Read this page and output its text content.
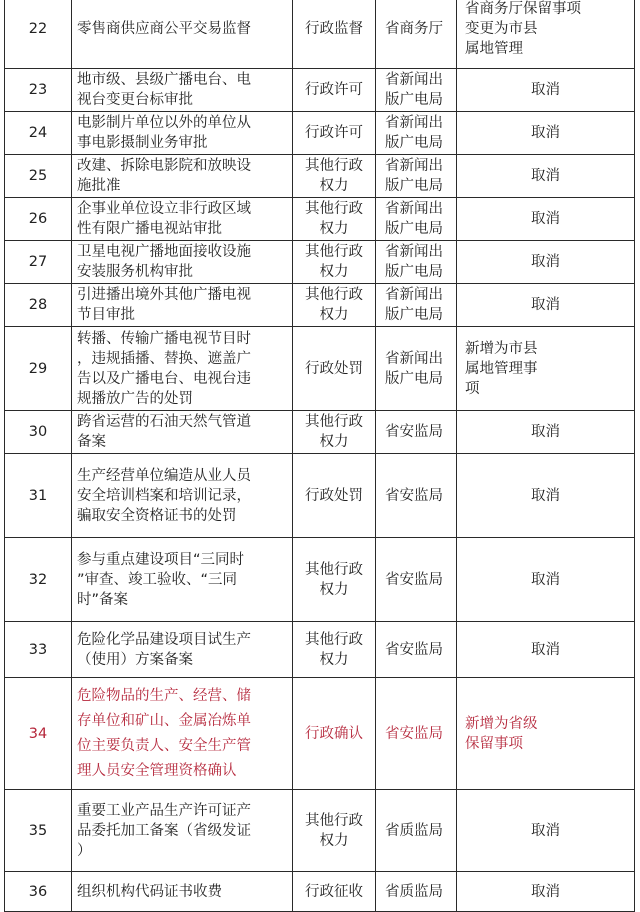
22	零售商供应商公平交易监督	行政监督	省商务厅	省商务厅保留事项
变更为市县
属地管理
23	地市级、县级广播电台、电
视台变更台标审批	行政许可	省新闻出
版广电局	取消
24	电影制片单位以外的单位从
事电影摄制业务审批	行政许可	省新闻出
版广电局	取消
25	改建、拆除电影院和放映设
施批准	其他行政
权力	省新闻出
版广电局	取消
26	企事业单位设立非行政区域
性有限广播电视站审批	其他行政
权力	省新闻出
版广电局	取消
27	卫星电视广播地面接收设施
安装服务机构审批	其他行政
权力	省新闻出
版广电局	取消
28	引进播出境外其他广播电视
节目审批	其他行政
权力	省新闻出
版广电局	取消
29	转播、传输广播电视节目时
，违规插播、替换、遮盖广
告以及广播电台、电视台违
规播放广告的处罚	行政处罚	省新闻出
版广电局	新增为市县
属地管理事
项
30	跨省运营的石油天然气管道
备案	其他行政
权力	省安监局	取消
31	生产经营单位编造从业人员
安全培训档案和培训记录，
骗取安全资格证书的处罚	行政处罚	省安监局	取消
32	参与重点建设项目“三同时
”审查、竣工验收、“三同
时”备案	其他行政
权力	省安监局	取消
33	危险化学品建设项目试生产
（使用）方案备案	其他行政
权力	省安监局	取消
34	危险物品的生产、经营、储
存单位和矿山、金属冶炼单
位主要负责人、安全生产管
理人员安全管理资格确认	行政确认	省安监局	新增为省级
保留事项
35	重要工业产品生产许可证产
品委托加工备案（省级发证
）	其他行政
权力	省质监局	取消
36	组织机构代码证书收费	行政征收	省质监局	取消
